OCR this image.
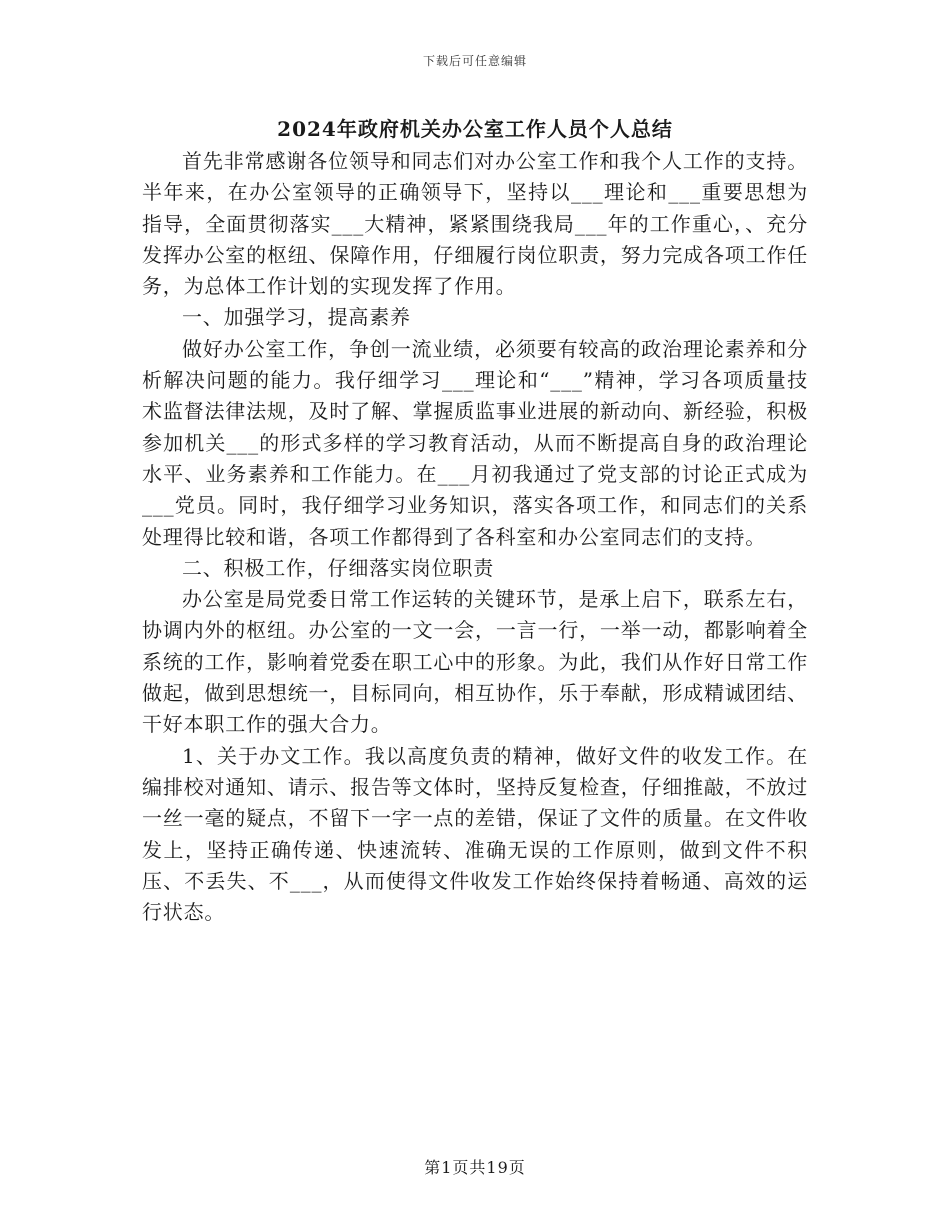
下载后可任意编辑
2024年政府机关办公室工作人员个人总结

首先非常感谢各位领导和同志们对办公室工作和我个人工作的支持。半年来，在办公室领导的正确领导下，坚持以___理论和___重要思想为指导，全面贯彻落实___大精神，紧紧围绕我局___年的工作重心，、充分发挥办公室的枢纽、保障作用，仔细履行岗位职责，努力完成各项工作任务，为总体工作计划的实现发挥了作用。

一、加强学习，提高素养

做好办公室工作，争创一流业绩，必须要有较高的政治理论素养和分析解决问题的能力。我仔细学习___理论和“___”精神，学习各项质量技术监督法律法规，及时了解、掌握质监事业进展的新动向、新经验，积极参加机关___的形式多样的学习教育活动，从而不断提高自身的政治理论水平、业务素养和工作能力。在___月初我通过了党支部的讨论正式成为___党员。同时，我仔细学习业务知识，落实各项工作，和同志们的关系处理得比较和谐，各项工作都得到了各科室和办公室同志们的支持。

二、积极工作，仔细落实岗位职责

办公室是局党委日常工作运转的关键环节，是承上启下，联系左右，协调内外的枢纽。办公室的一文一会，一言一行，一举一动，都影响着全系统的工作，影响着党委在职工心中的形象。为此，我们从作好日常工作做起，做到思想统一，目标同向，相互协作，乐于奉献，形成精诚团结、干好本职工作的强大合力。

1、关于办文工作。我以高度负责的精神，做好文件的收发工作。在编排校对通知、请示、报告等文体时，坚持反复检查，仔细推敲，不放过一丝一毫的疑点，不留下一字一点的差错，保证了文件的质量。在文件收发上，坚持正确传递、快速流转、准确无误的工作原则，做到文件不积压、不丢失、不___，从而使得文件收发工作始终保持着畅通、高效的运行状态。

第1页共19页
